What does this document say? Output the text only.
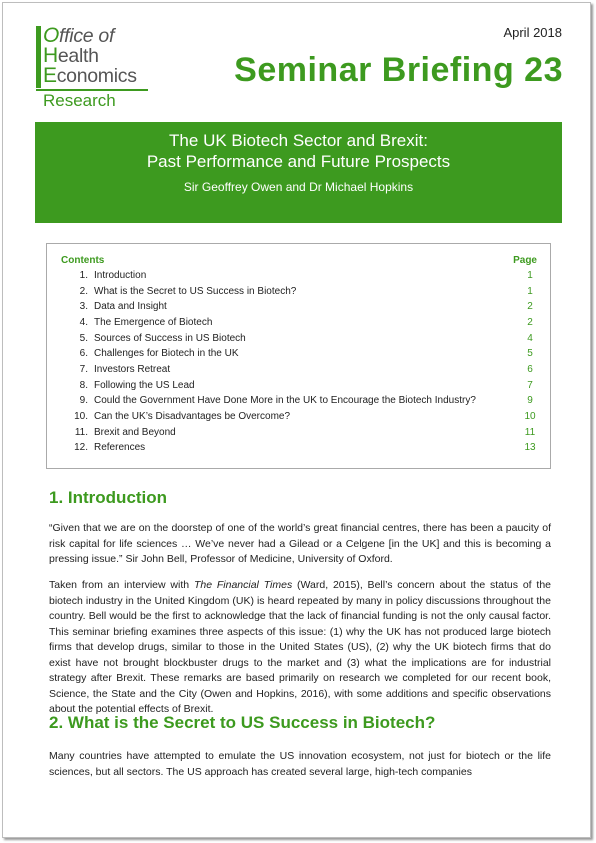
Office of
Health
Economics
Research
April 2018
Seminar Briefing 23
The UK Biotech Sector and Brexit:
Past Performance and Future Prospects
Sir Geoffrey Owen and Dr Michael Hopkins
Contents	Page
1. Introduction	1
2. What is the Secret to US Success in Biotech?	1
3. Data and Insight	2
4. The Emergence of Biotech	2
5. Sources of Success in US Biotech	4
6. Challenges for Biotech in the UK	5
7. Investors Retreat	6
8. Following the US Lead	7
9. Could the Government Have Done More in the UK to Encourage the Biotech Industry?	9
10. Can the UK’s Disadvantages be Overcome?	10
11. Brexit and Beyond	11
12. References	13
1. Introduction
“Given that we are on the doorstep of one of the world’s great financial centres, there has been a paucity of risk capital for life sciences … We’ve never had a Gilead or a Celgene [in the UK] and this is becoming a pressing issue.” Sir John Bell, Professor of Medicine, University of Oxford.
Taken from an interview with The Financial Times (Ward, 2015), Bell’s concern about the status of the biotech industry in the United Kingdom (UK) is heard repeated by many in policy discussions throughout the country. Bell would be the first to acknowledge that the lack of financial funding is not the only causal factor. This seminar briefing examines three aspects of this issue: (1) why the UK has not produced large biotech firms that develop drugs, similar to those in the United States (US), (2) why the UK biotech firms that do exist have not brought blockbuster drugs to the market and (3) what the implications are for industrial strategy after Brexit. These remarks are based primarily on research we completed for our recent book, Science, the State and the City (Owen and Hopkins, 2016), with some additions and specific observations about the potential effects of Brexit.
2. What is the Secret to US Success in Biotech?
Many countries have attempted to emulate the US innovation ecosystem, not just for biotech or the life sciences, but all sectors. The US approach has created several large, high-tech companies
